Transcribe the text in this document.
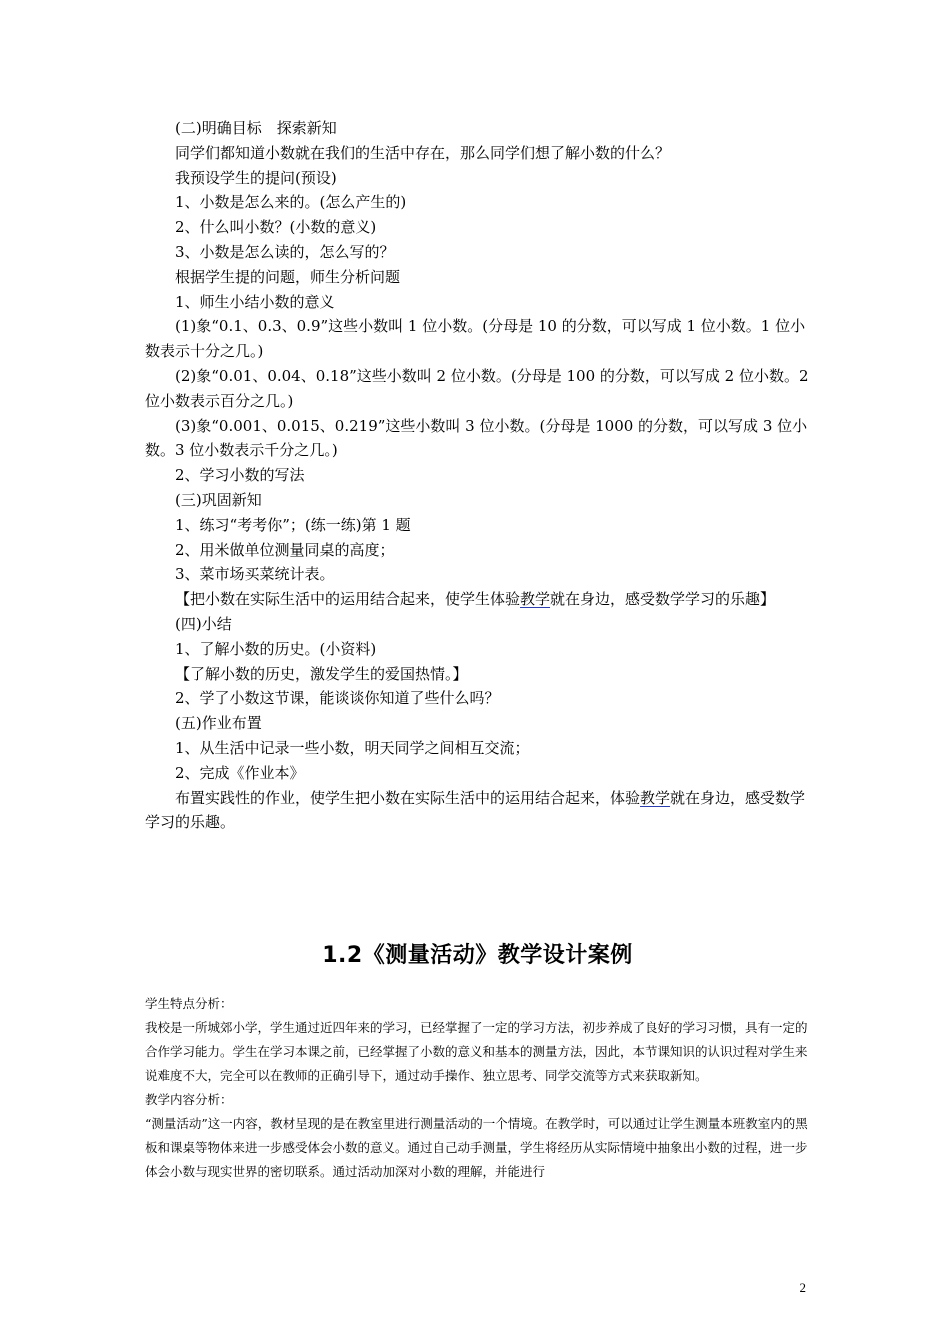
(二)明确目标　探索新知

同学们都知道小数就在我们的生活中存在，那么同学们想了解小数的什么？

我预设学生的提问(预设)

1、小数是怎么来的。(怎么产生的)

2、什么叫小数？(小数的意义)

3、小数是怎么读的，怎么写的？

根据学生提的问题，师生分析问题

1、师生小结小数的意义

(1)象“0.1、0.3、0.9”这些小数叫 1 位小数。(分母是 10 的分数，可以写成 1 位小数。1 位小数表示十分之几。)

(2)象“0.01、0.04、0.18”这些小数叫 2 位小数。(分母是 100 的分数，可以写成 2 位小数。2 位小数表示百分之几。)

(3)象“0.001、0.015、0.219”这些小数叫 3 位小数。(分母是 1000 的分数，可以写成 3 位小数。3 位小数表示千分之几。)

2、学习小数的写法

(三)巩固新知

1、练习“考考你”；(练一练)第 1 题

2、用米做单位测量同桌的高度；

3、菜市场买菜统计表。

【把小数在实际生活中的运用结合起来，使学生体验教学就在身边，感受数学学习的乐趣】

(四)小结

1、了解小数的历史。(小资料)

【了解小数的历史，激发学生的爱国热情。】

2、学了小数这节课，能谈谈你知道了些什么吗？

(五)作业布置

1、从生活中记录一些小数，明天同学之间相互交流；

2、完成《作业本》

布置实践性的作业，使学生把小数在实际生活中的运用结合起来，体验教学就在身边，感受数学学习的乐趣。

1.2《测量活动》教学设计案例

学生特点分析：

我校是一所城郊小学，学生通过近四年来的学习，已经掌握了一定的学习方法，初步养成了良好的学习习惯，具有一定的合作学习能力。学生在学习本课之前，已经掌握了小数的意义和基本的测量方法，因此，本节课知识的认识过程对学生来说难度不大，完全可以在教师的正确引导下，通过动手操作、独立思考、同学交流等方式来获取新知。

教学内容分析：

“测量活动”这一内容，教材呈现的是在教室里进行测量活动的一个情境。在教学时，可以通过让学生测量本班教室内的黑板和课桌等物体来进一步感受体会小数的意义。通过自己动手测量，学生将经历从实际情境中抽象出小数的过程，进一步体会小数与现实世界的密切联系。通过活动加深对小数的理解，并能进行

2
